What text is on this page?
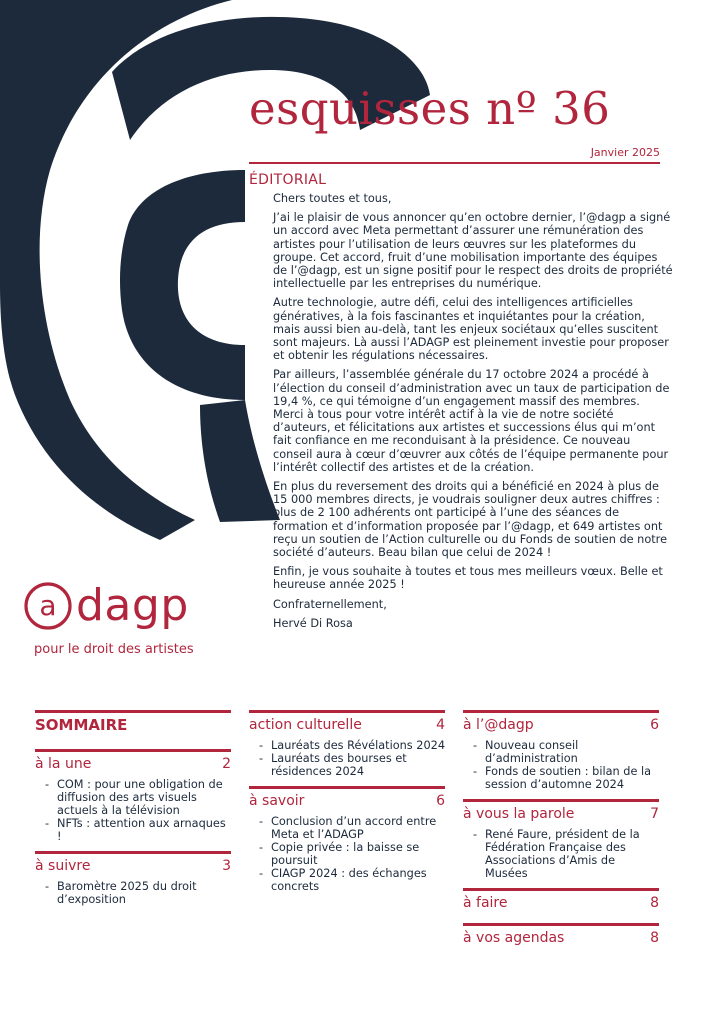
esquisses nº 36
Janvier 2025
ÉDITORIAL

Chers toutes et tous,

J’ai le plaisir de vous annoncer qu’en octobre dernier, l’@dagp a signé un accord avec Meta permettant d’assurer une rémunération des artistes pour l’utilisation de leurs œuvres sur les plateformes du groupe. Cet accord, fruit d’une mobilisation importante des équipes de l’@dagp, est un signe positif pour le respect des droits de propriété intellectuelle par les entreprises du numérique.

Autre technologie, autre défi, celui des intelligences artificielles génératives, à la fois fascinantes et inquiétantes pour la création, mais aussi bien au-delà, tant les enjeux sociétaux qu’elles suscitent sont majeurs. Là aussi l’ADAGP est pleinement investie pour proposer et obtenir les régulations nécessaires.

Par ailleurs, l’assemblée générale du 17 octobre 2024 a procédé à l’élection du conseil d’administration avec un taux de participation de 19,4 %, ce qui témoigne d’un engagement massif des membres. Merci à tous pour votre intérêt actif à la vie de notre société d’auteurs, et félicitations aux artistes et successions élus qui m’ont fait confiance en me reconduisant à la présidence. Ce nouveau conseil aura à cœur d’œuvrer aux côtés de l’équipe permanente pour l’intérêt collectif des artistes et de la création.

En plus du reversement des droits qui a bénéficié en 2024 à plus de 15 000 membres directs, je voudrais souligner deux autres chiffres : plus de 2 100 adhérents ont participé à l’une des séances de formation et d’information proposée par l’@dagp, et 649 artistes ont reçu un soutien de l’Action culturelle ou du Fonds de soutien de notre société d’auteurs. Beau bilan que celui de 2024 !

Enfin, je vous souhaite à toutes et tous mes meilleurs vœux. Belle et heureuse année 2025 !

Confraternellement,

Hervé Di Rosa

a dagp
pour le droit des artistes
SOMMAIRE
à la une	2
- COM : pour une obligation de diffusion des arts visuels actuels à la télévision
- NFTs : attention aux arnaques !
à suivre	3
- Baromètre 2025 du droit d’exposition
action culturelle	4
- Lauréats des Révélations 2024
- Lauréats des bourses et résidences 2024
à savoir	6
- Conclusion d’un accord entre Meta et l’ADAGP
- Copie privée : la baisse se poursuit
- CIAGP 2024 : des échanges concrets
à l’@dagp	6
- Nouveau conseil d’administration
- Fonds de soutien : bilan de la session d’automne 2024
à vous la parole	7
- René Faure, président de la Fédération Française des Associations d’Amis de Musées
à faire	8
à vos agendas	8
